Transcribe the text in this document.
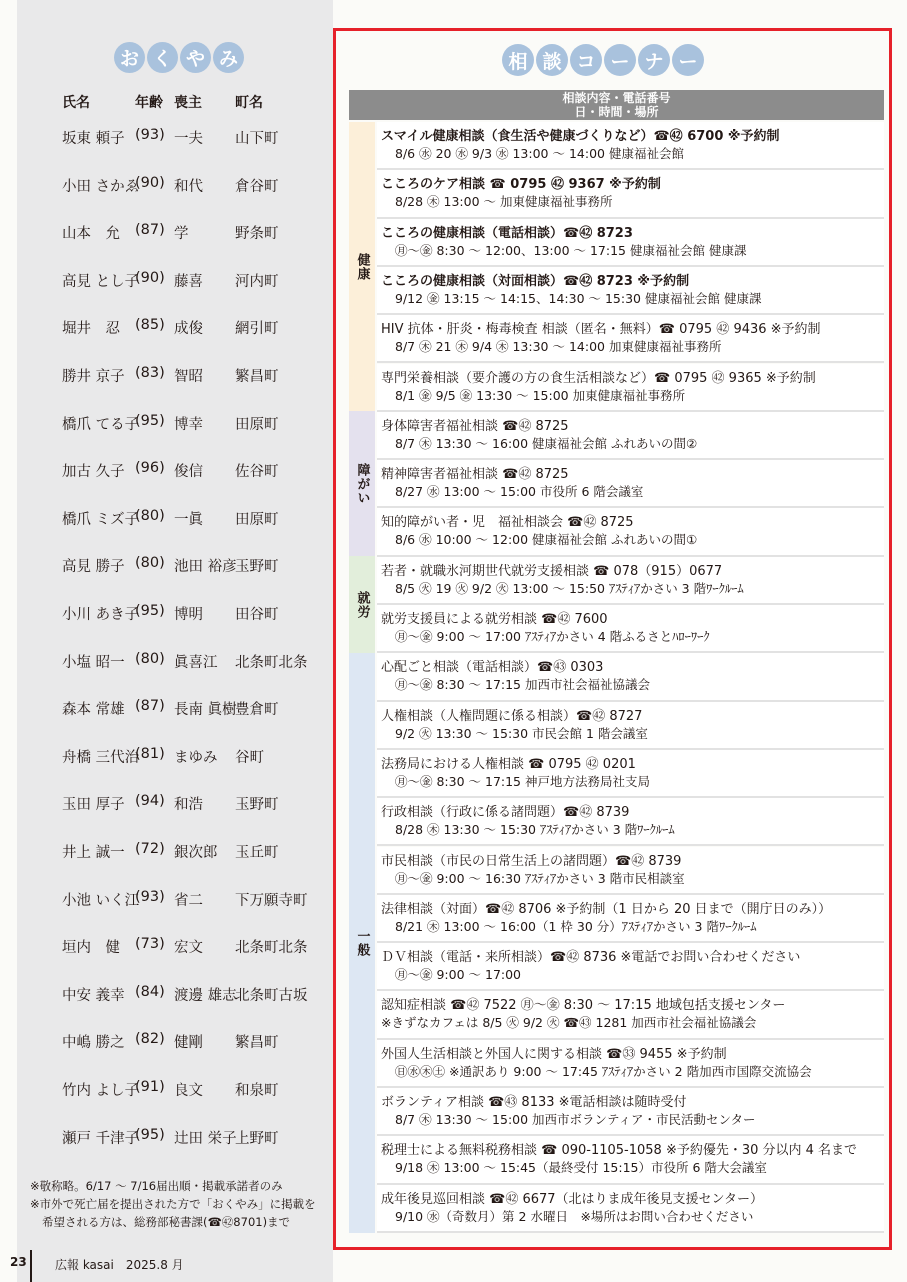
お く や み
氏名	年齢 喪主 町名
坂東 頼子 (93) 一夫 山下町
小田 さかゑ
(90) 和代 倉谷町
山本　允 (87) 学	野条町
高見 とし子
(90) 藤喜 河内町
堀井　忍 (85) 成俊 網引町
勝井 京子 (83) 智昭 繁昌町
橋爪 てる子
(95) 博幸 田原町
加古 久子 (96) 俊信 佐谷町
橋爪 ミズ子
(80) 一眞 田原町
高見 勝子 (80) 池田 裕彦
玉野町
小川 あき子
(95) 博明 田谷町
小塩 昭一 (80) 眞喜江 北条町北条
森本 常雄 (87) 長南 眞樹
豊倉町
舟橋 三代治
(81) まゆみ 谷町
玉田 厚子 (94) 和浩 玉野町
井上 誠一 (72) 銀次郎 玉丘町
小池 いく江
(93) 省二 下万願寺町
垣内　健 (73) 宏文 北条町北条
中安 義幸 (84) 渡邊 雄志
北条町古坂
中嶋 勝之 (82) 健剛 繁昌町
竹内 よし子
(91) 良文 和泉町
瀬戸 千津子
(95) 辻田 栄子
上野町

※敬称略。6/17 ～ 7/16届出順・掲載承諾者のみ

※市外で死亡届を提出された方で「おくやみ」に掲載を

希望される方は、総務部秘書課(☎㊷8701)まで

23 広報 kasai　2025.8 月
相 談 コ ー ナ ー
相談内容・電話番号
日・時間・場所
健康
障がい
就労
一般
スマイル健康相談（食生活や健康づくりなど）☎㊷ 6700 ※予約制
8/6 ㊌ 20 ㊌ 9/3 ㊌ 13:00 ～ 14:00 健康福祉会館
こころのケア相談 ☎ 0795 ㊷ 9367 ※予約制
8/28 ㊍ 13:00 ～ 加東健康福祉事務所
こころの健康相談（電話相談）☎㊷ 8723
㊊～㊎ 8:30 ～ 12:00、13:00 ～ 17:15 健康福祉会館 健康課
こころの健康相談（対面相談）☎㊷ 8723 ※予約制
9/12 ㊎ 13:15 ～ 14:15、14:30 ～ 15:30 健康福祉会館 健康課
HIV 抗体・肝炎・梅毒検査 相談（匿名・無料）☎ 0795 ㊷ 9436 ※予約制
8/7 ㊍ 21 ㊍ 9/4 ㊍ 13:30 ～ 14:00 加東健康福祉事務所
専門栄養相談（要介護の方の食生活相談など）☎ 0795 ㊷ 9365 ※予約制
8/1 ㊎ 9/5 ㊎ 13:30 ～ 15:00 加東健康福祉事務所
身体障害者福祉相談 ☎㊷ 8725
8/7 ㊍ 13:30 ～ 16:00 健康福祉会館 ふれあいの間②
精神障害者福祉相談 ☎㊷ 8725
8/27 ㊌ 13:00 ～ 15:00 市役所 6 階会議室
知的障がい者・児　福祉相談会 ☎㊷ 8725
8/6 ㊌ 10:00 ～ 12:00 健康福祉会館 ふれあいの間①
若者・就職氷河期世代就労支援相談 ☎ 078（915）0677
8/5 ㊋ 19 ㊋ 9/2 ㊋ 13:00 ～ 15:50 ｱｽﾃｨｱかさい 3 階ﾜｰｸﾙｰﾑ
就労支援員による就労相談 ☎㊷ 7600
㊊～㊎ 9:00 ～ 17:00 ｱｽﾃｨｱかさい 4 階ふるさとﾊﾛｰﾜｰｸ
心配ごと相談（電話相談）☎㊸ 0303
㊊～㊎ 8:30 ～ 17:15 加西市社会福祉協議会
人権相談（人権問題に係る相談）☎㊷ 8727
9/2 ㊋ 13:30 ～ 15:30 市民会館 1 階会議室
法務局における人権相談 ☎ 0795 ㊷ 0201
㊊～㊎ 8:30 ～ 17:15 神戸地方法務局社支局
行政相談（行政に係る諸問題）☎㊷ 8739
8/28 ㊍ 13:30 ～ 15:30 ｱｽﾃｨｱかさい 3 階ﾜｰｸﾙｰﾑ
市民相談（市民の日常生活上の諸問題）☎㊷ 8739
㊊～㊎ 9:00 ～ 16:30 ｱｽﾃｨｱかさい 3 階市民相談室
法律相談（対面）☎㊷ 8706 ※予約制（1 日から 20 日まで（開庁日のみ））
8/21 ㊍ 13:00 ～ 16:00（1 枠 30 分）ｱｽﾃｨｱかさい 3 階ﾜｰｸﾙｰﾑ
ＤＶ相談（電話・来所相談）☎㊷ 8736 ※電話でお問い合わせください
㊊～㊎ 9:00 ～ 17:00
認知症相談 ☎㊷ 7522 ㊊～㊎ 8:30 ～ 17:15 地域包括支援センター
※きずなカフェは 8/5 ㊋ 9/2 ㊋ ☎㊸ 1281 加西市社会福祉協議会
外国人生活相談と外国人に関する相談 ☎㉝ 9455 ※予約制
㊐㊌㊍㊏ ※通訳あり 9:00 ～ 17:45 ｱｽﾃｨｱかさい 2 階加西市国際交流協会
ボランティア相談 ☎㊸ 8133 ※電話相談は随時受付
8/7 ㊍ 13:30 ～ 15:00 加西市ボランティア・市民活動センター
税理士による無料税務相談 ☎ 090-1105-1058 ※予約優先・30 分以内 4 名まで
9/18 ㊍ 13:00 ～ 15:45（最終受付 15:15）市役所 6 階大会議室
成年後見巡回相談 ☎㊷ 6677（北はりま成年後見支援センター）
9/10 ㊌（奇数月）第 2 水曜日　※場所はお問い合わせください
